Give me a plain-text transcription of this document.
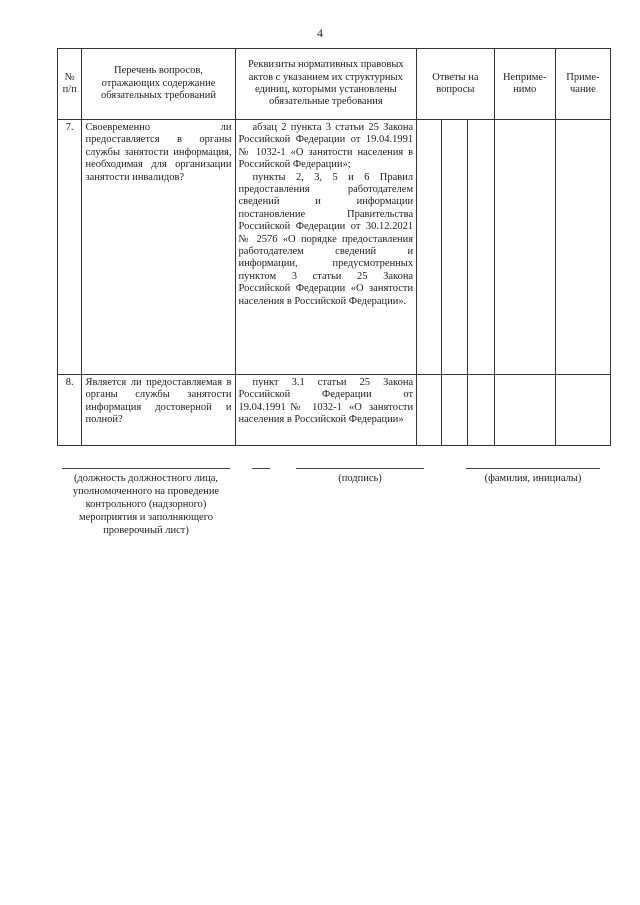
4
№ п/п	Перечень вопросов, отражающих содержание обязательных требований	Реквизиты нормативных правовых актов с указанием их структурных единиц, которыми установлены обязательные требования	Ответы на вопросы			Неприме-нимо	Приме-чание
7.	Своевременно ли предоставляется в органы службы занятости информация, необходимая для организации занятости инвалидов?	абзац 2 пункта 3 статьи 25 Закона Российской Федерации от 19.04.1991 № 1032-1 «О занятости населения в Российской Федерации»;

пункты 2, 3, 5 и 6 Правил предоставления работодателем сведений и информации постановление Правительства Российской Федерации от 30.12.2021 № 2576 «О порядке предоставления работодателем сведений и информации, предусмотренных пунктом 3 статьи 25 Закона Российской Федерации «О занятости населения в Российской Федерации».					

8.	Является ли предоставляемая в органы службы занятости информация достоверной и полной?	пункт 3.1 статьи 25 Закона Российской Федерации от 19.04.1991№ 1032-1 «О занятости населения в Российской Федерации»					

(должность должностного лица, уполномоченного на проведение контрольного (надзорного) мероприятия и заполняющего проверочный лист)
(подпись)	(фамилия, инициалы)
